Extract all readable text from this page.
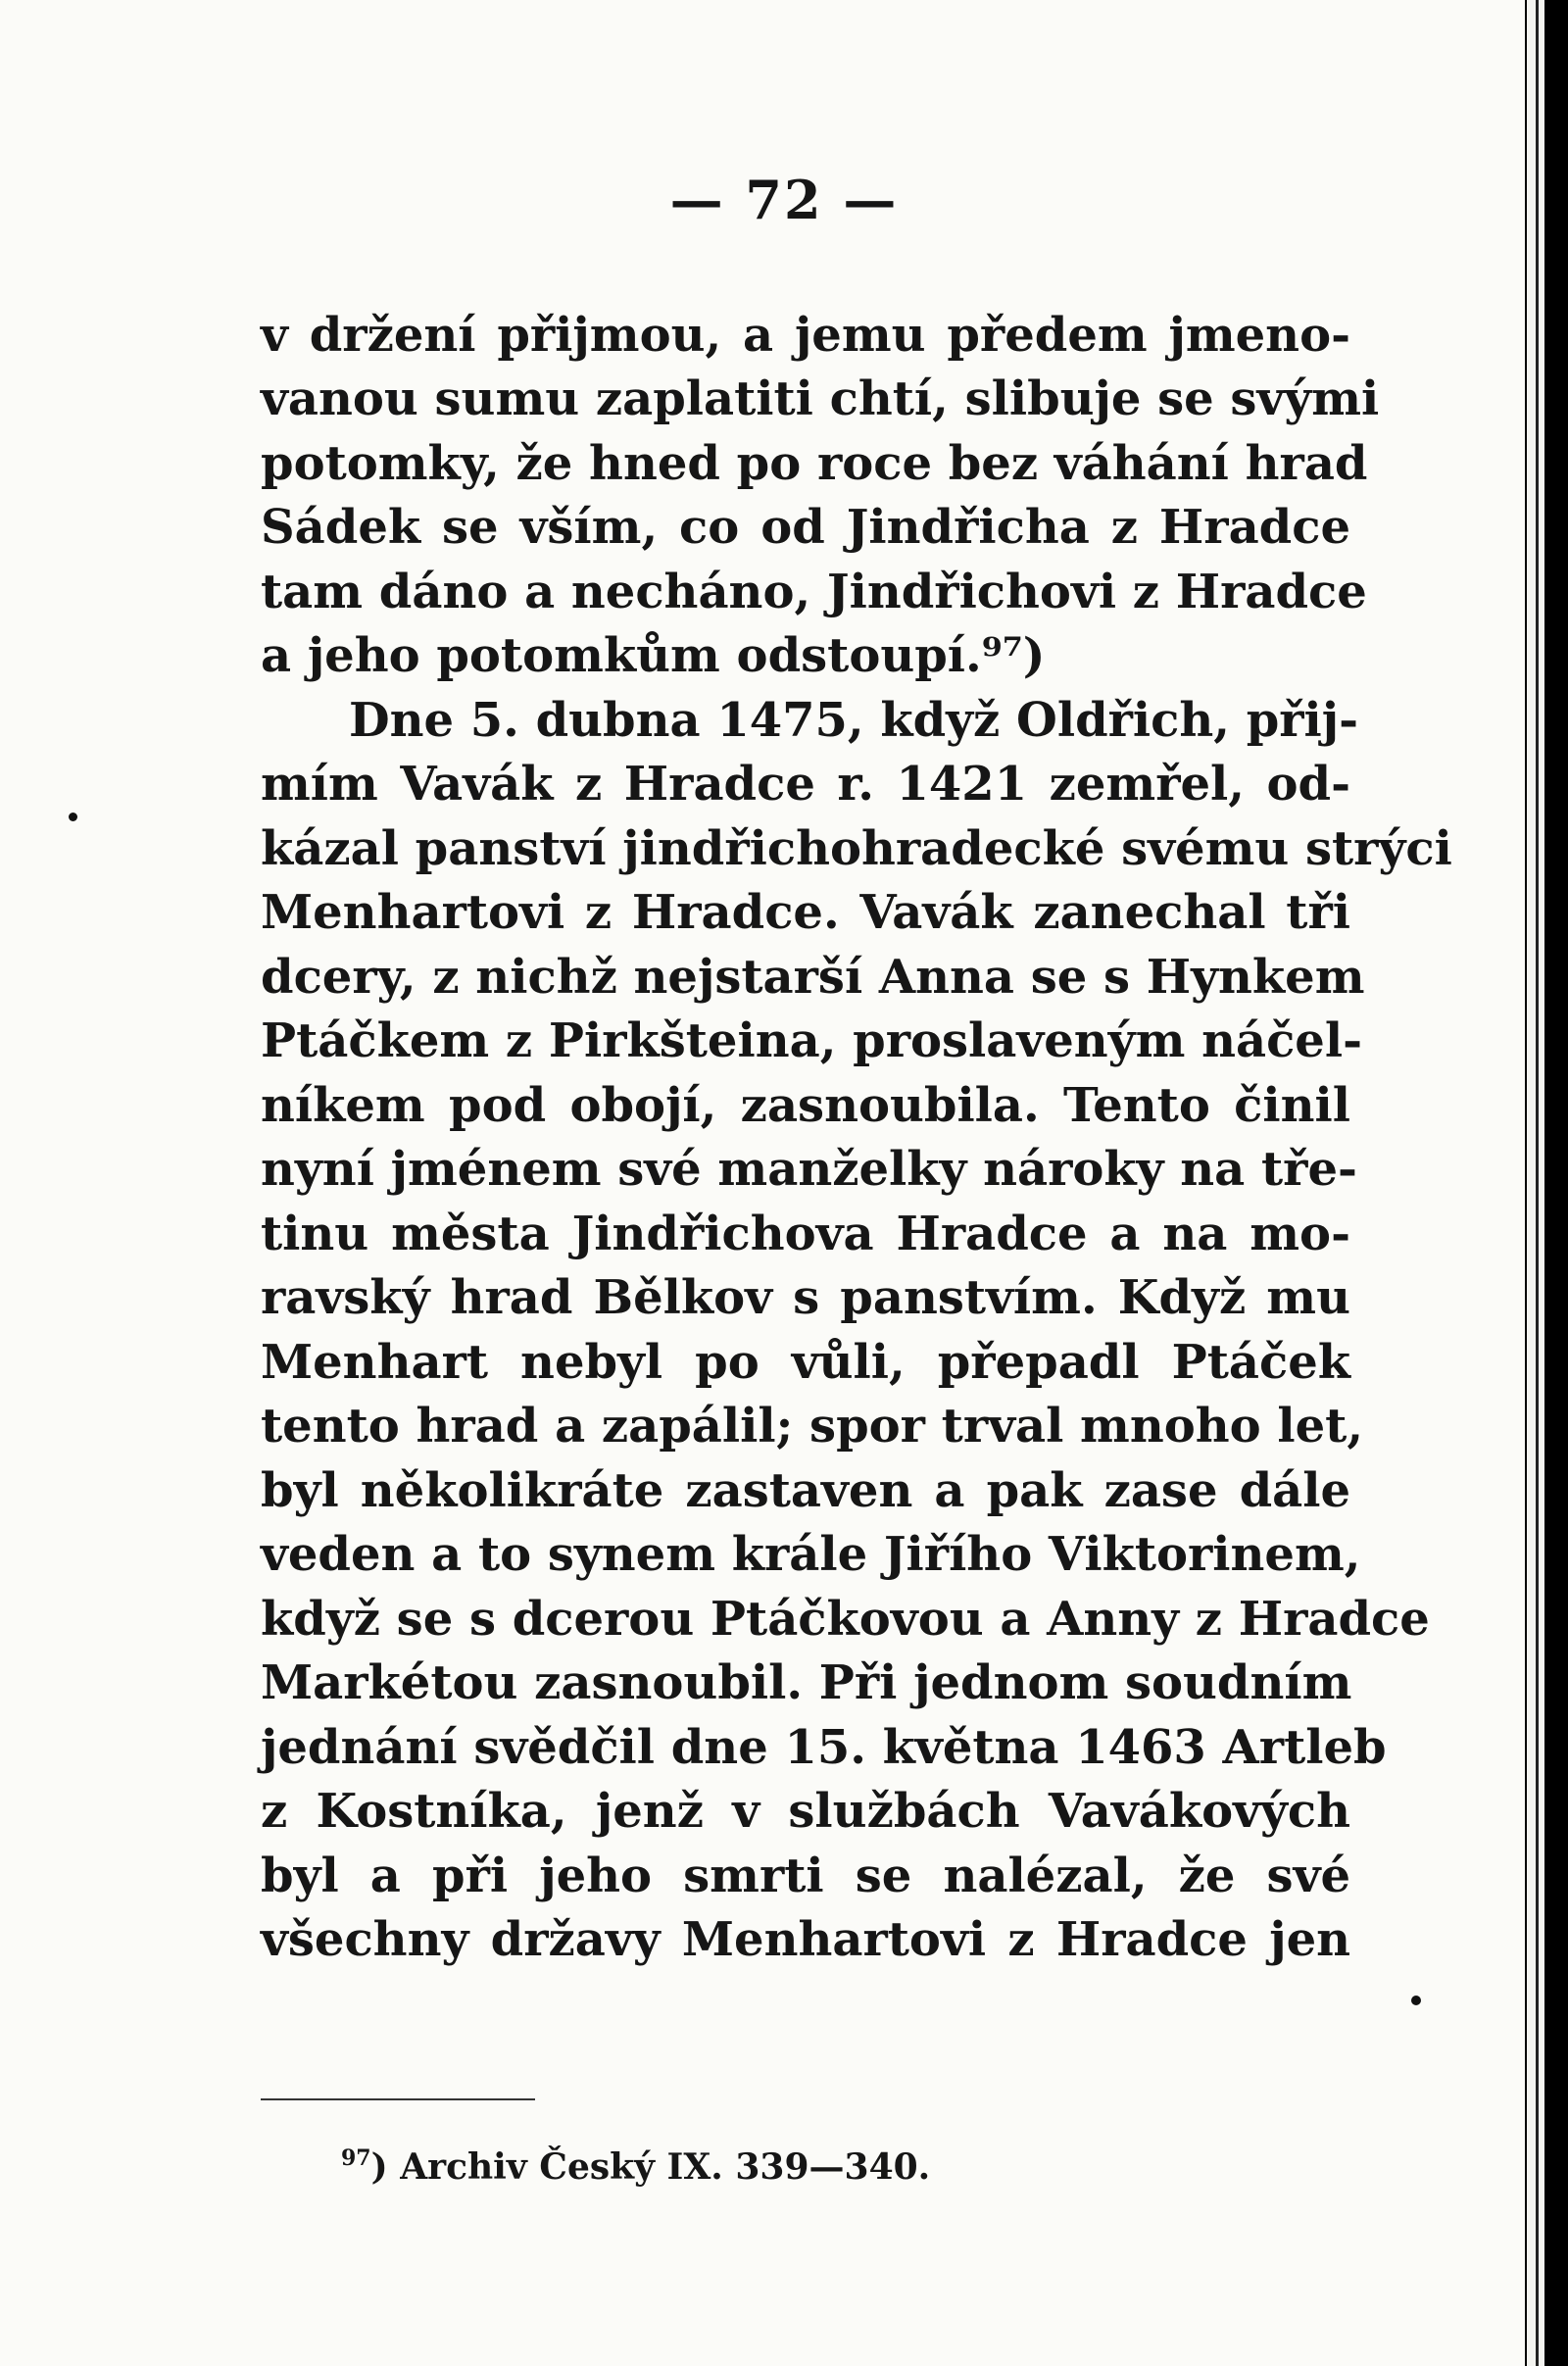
— 72 —
v držení přijmou, a jemu předem jmeno-
vanou sumu zaplatiti chtí, slibuje se svými
potomky, že hned po roce bez váhání hrad
Sádek se vším, co od Jindřicha z Hradce
tam dáno a necháno, Jindřichovi z Hradce
a jeho potomkům odstoupí.⁹⁷)
Dne 5. dubna 1475, když Oldřich, přij-
mím Vavák z Hradce r. 1421 zemřel, od-
kázal panství jindřichohradecké svému strýci
Menhartovi z Hradce. Vavák zanechal tři
dcery, z nichž nejstarší Anna se s Hynkem
Ptáčkem z Pirkšteina, proslaveným náčel-
níkem pod obojí, zasnoubila. Tento činil
nyní jménem své manželky nároky na tře-
tinu města Jindřichova Hradce a na mo-
ravský hrad Bělkov s panstvím. Když mu
Menhart nebyl po vůli, přepadl Ptáček
tento hrad a zapálil; spor trval mnoho let,
byl několikráte zastaven a pak zase dále
veden a to synem krále Jiřího Viktorinem,
když se s dcerou Ptáčkovou a Anny z Hradce
Markétou zasnoubil. Při jednom soudním
jednání svědčil dne 15. května 1463 Artleb
z Kostníka, jenž v službách Vavákových
byl a při jeho smrti se nalézal, že své
všechny državy Menhartovi z Hradce jen
$^{97}$) Archiv Český IX. 339—340.
